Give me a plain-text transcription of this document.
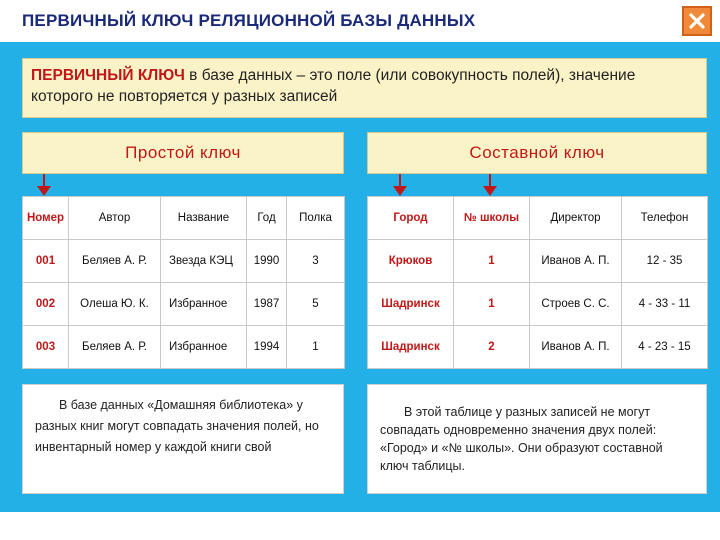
ПЕРВИЧНЫЙ КЛЮЧ РЕЛЯЦИОННОЙ БАЗЫ ДАННЫХ
ПЕРВИЧНЫЙ КЛЮЧ в базе данных – это поле (или совокупность полей), значение которого не повторяется у разных записей
Простой ключ	Составной ключ
Номер	Автор	Название	Год	Полка
001	Беляев А. Р.	Звезда КЭЦ	1990	3
002	Олеша Ю. К.	Избранное	1987	5
003	Беляев А. Р.	Избранное	1994	1
Город	№ школы	Директор	Телефон
Крюков	1	Иванов А. П.	12 - 35
Шадринск	1	Строев С. С.	4 - 33 - 11
Шадринск	2	Иванов А. П.	4 - 23 - 15
В базе данных «Домашняя библиотека» у разных книг могут совпадать значения полей, но инвентарный номер у каждой книги свой
В этой таблице у разных записей не могут совпадать одновременно значения двух полей: «Город» и «№ школы». Они образуют составной ключ таблицы.
